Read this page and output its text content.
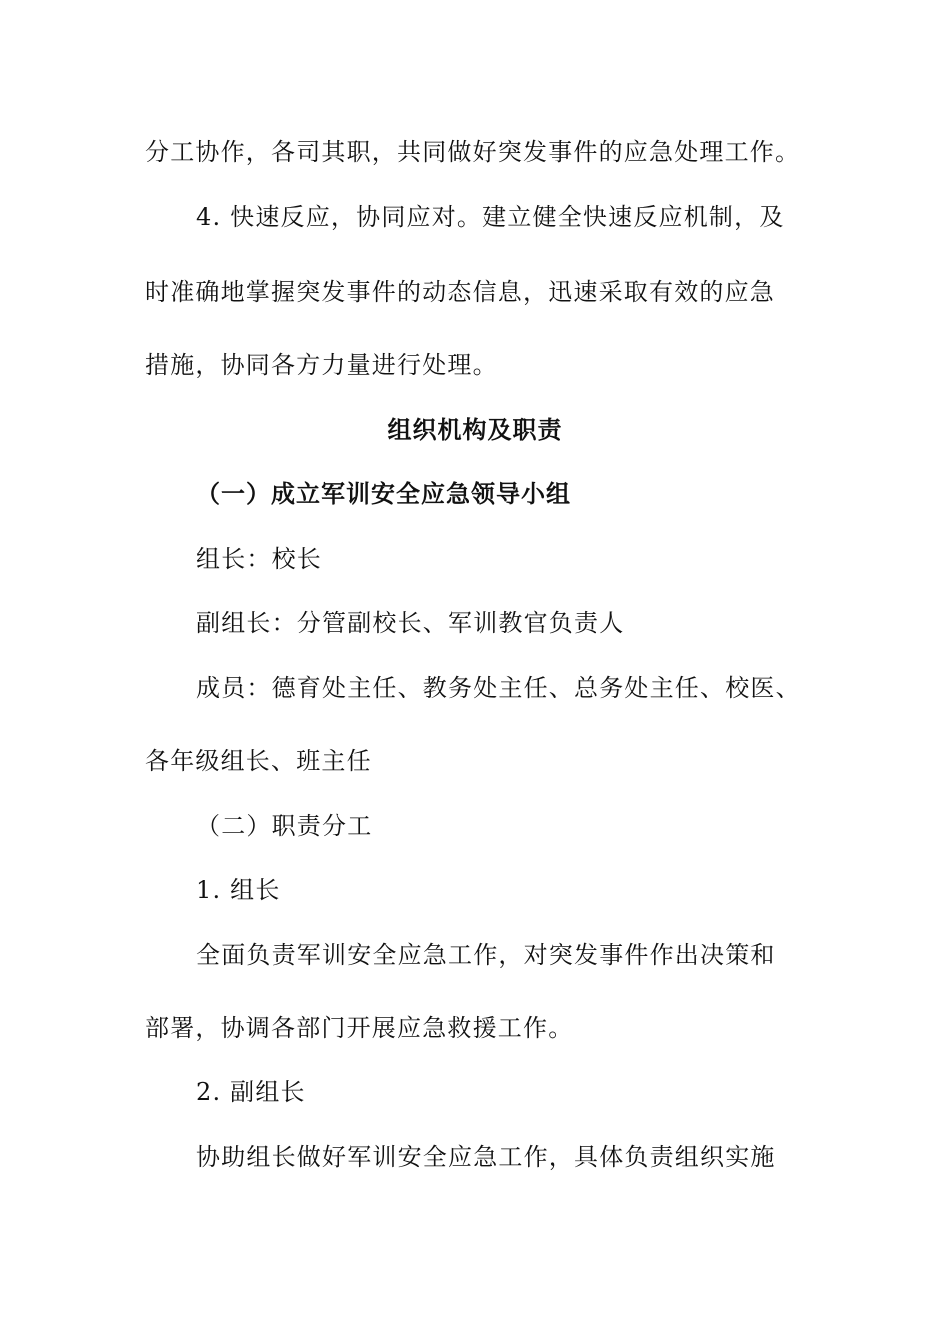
分工协作，各司其职，共同做好突发事件的应急处理工作。
4. 快速反应，协同应对。建立健全快速反应机制，及
时准确地掌握突发事件的动态信息，迅速采取有效的应急
措施，协同各方力量进行处理。
组织机构及职责
（一）成立军训安全应急领导小组
组长：校长
副组长：分管副校长、军训教官负责人
成员：德育处主任、教务处主任、总务处主任、校医、
各年级组长、班主任
（二）职责分工
1. 组长
全面负责军训安全应急工作，对突发事件作出决策和
部署，协调各部门开展应急救援工作。
2. 副组长
协助组长做好军训安全应急工作，具体负责组织实施
